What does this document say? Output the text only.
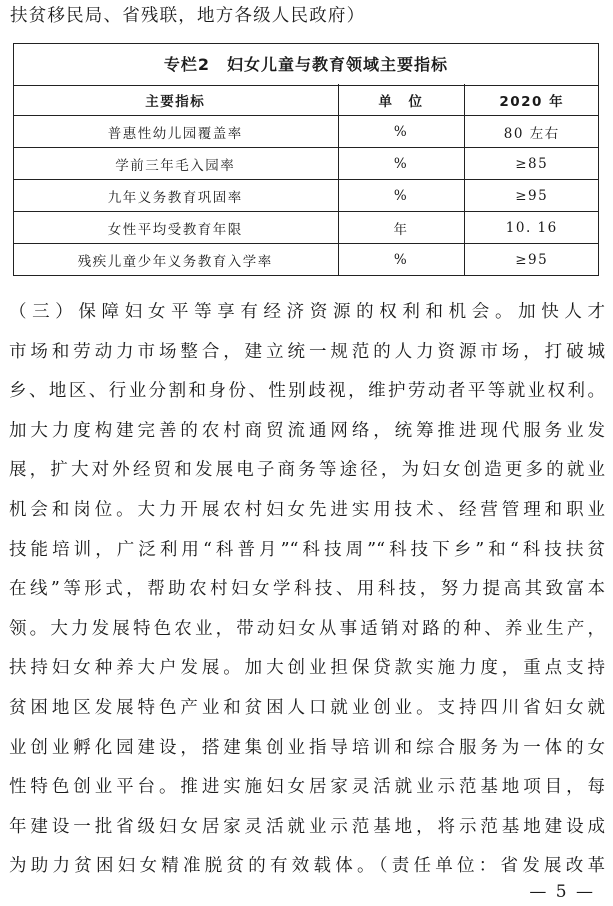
扶贫移民局、省残联，地方各级人民政府）
专栏2　妇女儿童与教育领域主要指标
主要指标	单　位	2020 年
普惠性幼儿园覆盖率	%	80 左右
学前三年毛入园率	%	≥85
九年义务教育巩固率	%	≥95
女性平均受教育年限	年	10. 16
残疾儿童少年义务教育入学率	%	≥95
（三）保障妇女平等享有经济资源的权利和机会。加快人才
市场和劳动力市场整合，建立统一规范的人力资源市场，打破城
乡、地区、行业分割和身份、性别歧视，维护劳动者平等就业权利。
加大力度构建完善的农村商贸流通网络，统筹推进现代服务业发
展，扩大对外经贸和发展电子商务等途径，为妇女创造更多的就业
机会和岗位。大力开展农村妇女先进实用技术、经营管理和职业
技能培训，广泛利用“科普月”“科技周”“科技下乡”和“科技扶贫
在线”等形式，帮助农村妇女学科技、用科技，努力提高其致富本
领。大力发展特色农业，带动妇女从事适销对路的种、养业生产，
扶持妇女种养大户发展。加大创业担保贷款实施力度，重点支持
贫困地区发展特色产业和贫困人口就业创业。支持四川省妇女就
业创业孵化园建设，搭建集创业指导培训和综合服务为一体的女
性特色创业平台。推进实施妇女居家灵活就业示范基地项目，每
年建设一批省级妇女居家灵活就业示范基地，将示范基地建设成
为助力贫困妇女精准脱贫的有效载体。（责任单位：省发展改革
— 5 —
